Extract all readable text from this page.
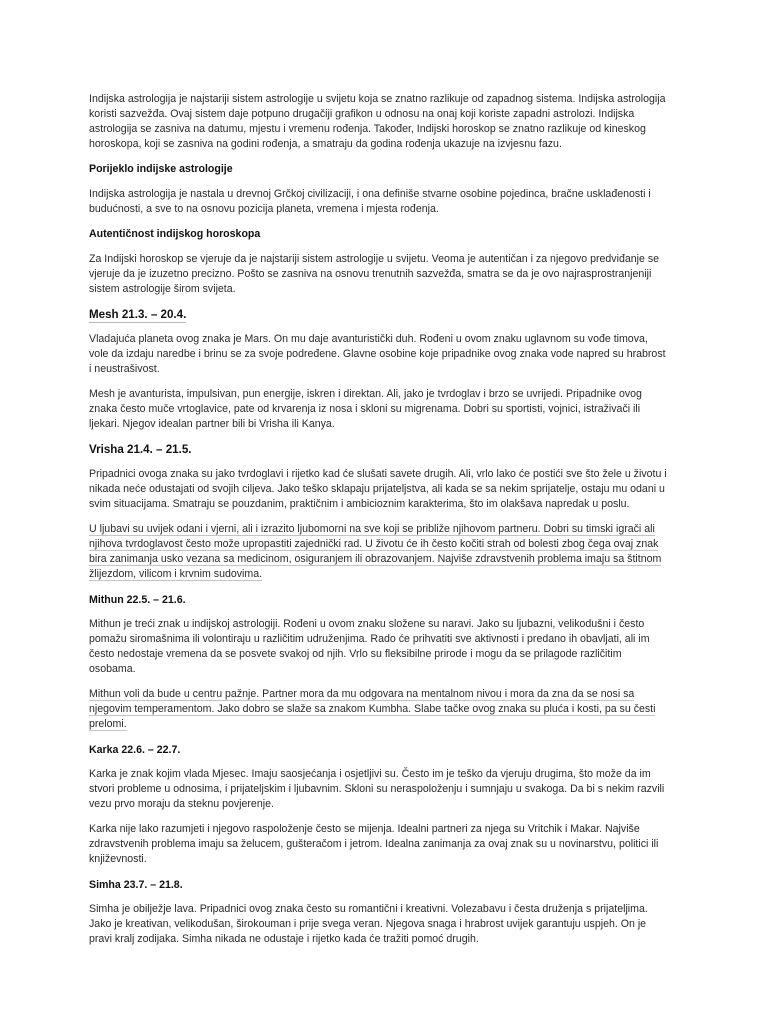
Indijska astrologija je najstariji sistem astrologije u svijetu koja se znatno razlikuje od zapadnog sistema. Indijska astrologija koristi sazvežđa. Ovaj sistem daje potpuno drugačiji grafikon u odnosu na onaj koji koriste zapadni astrolozi. Indijska astrologija se zasniva na datumu, mjestu i vremenu rođenja. Također, Indijski horoskop se znatno razlikuje od kineskog horoskopa, koji se zasniva na godini rođenja, a smatraju da godina rođenja ukazuje na izvjesnu fazu.

Porijeklo indijske astrologije

Indijska astrologija je nastala u drevnoj Grčkoj civilizaciji, i ona definiše stvarne osobine pojedinca, bračne usklađenosti i budućnosti, a sve to na osnovu pozicija planeta, vremena i mjesta rođenja.

Autentičnost indijskog horoskopa

Za Indijski horoskop se vjeruje da je najstariji sistem astrologije u svijetu. Veoma je autentičan i za njegovo predviđanje se vjeruje da je izuzetno precizno. Pošto se zasniva na osnovu trenutnih sazvežđa, smatra se da je ovo najrasprostranjeniji sistem astrologije širom svijeta.

Mesh 21.3. – 20.4.

Vladajuća planeta ovog znaka je Mars. On mu daje avanturistički duh. Rođeni u ovom znaku uglavnom su vođe timova, vole da izdaju naredbe i brinu se za svoje podređene. Glavne osobine koje pripadnike ovog znaka vode napred su hrabrost i neustrašivost.

Mesh je avanturista, impulsivan, pun energije, iskren i direktan. Ali, jako je tvrdoglav i brzo se uvrijedi. Pripadnike ovog znaka često muče vrtoglavice, pate od krvarenja iz nosa i skloni su migrenama. Dobri su sportisti, vojnici, istraživači ili ljekari. Njegov idealan partner bili bi Vrisha ili Kanya.

Vrisha 21.4. – 21.5.

Pripadnici ovoga znaka su jako tvrdoglavi i rijetko kad će slušati savete drugih. Ali, vrlo lako će postići sve što žele u životu i nikada neće odustajati od svojih ciljeva. Jako teško sklapaju prijateljstva, ali kada se sa nekim sprijatelje, ostaju mu odani u svim situacijama. Smatraju se pouzdanim, praktičnim i ambicioznim karakterima, što im olakšava napredak u poslu.

U ljubavi su uvijek odani i vjerni, ali i izrazito ljubomorni na sve koji se približe njihovom partneru. Dobri su timski igrači ali njihova tvrdoglavost često može upropastiti zajednički rad. U životu će ih često kočiti strah od bolesti zbog čega ovaj znak bira zanimanja usko vezana sa medicinom, osiguranjem ili obrazovanjem. Najviše zdravstvenih problema imaju sa štitnom žlijezdom, vilicom i krvnim sudovima.

Mithun 22.5. – 21.6.

Mithun je treći znak u indijskoj astrologiji. Rođeni u ovom znaku složene su naravi. Jako su ljubazni, velikodušni i često pomažu siromašnima ili volontiraju u različitim udruženjima. Rado će prihvatiti sve aktivnosti i predano ih obavljati, ali im često nedostaje vremena da se posvete svakoj od njih. Vrlo su fleksibilne prirode i mogu da se prilagode različitim osobama.

Mithun voli da bude u centru pažnje. Partner mora da mu odgovara na mentalnom nivou i mora da zna da se nosi sa njegovim temperamentom. Jako dobro se slaže sa znakom Kumbha. Slabe tačke ovog znaka su pluća i kosti, pa su česti prelomi.

Karka 22.6. – 22.7.

Karka je znak kojim vlada Mjesec. Imaju saosjećanja i osjetljivi su. Često im je teško da vjeruju drugima, što može da im stvori probleme u odnosima, i prijateljskim i ljubavnim. Skloni su neraspoloženju i sumnjaju u svakoga. Da bi s nekim razvili vezu prvo moraju da steknu povjerenje.

Karka nije lako razumjeti i njegovo raspoloženje često se mijenja. Idealni partneri za njega su Vritchik i Makar. Najviše zdravstvenih problema imaju sa želucem, gušteračom i jetrom. Idealna zanimanja za ovaj znak su u novinarstvu, politici ili književnosti.

Simha 23.7. – 21.8.

Simha je obilježje lava. Pripadnici ovog znaka često su romantični i kreativni. Volezabavu i česta druženja s prijateljima. Jako je kreativan, velikodušan, širokouman i prije svega veran. Njegova snaga i hrabrost uvijek garantuju uspjeh. On je pravi kralj zodijaka. Simha nikada ne odustaje i rijetko kada će tražiti pomoć drugih.
